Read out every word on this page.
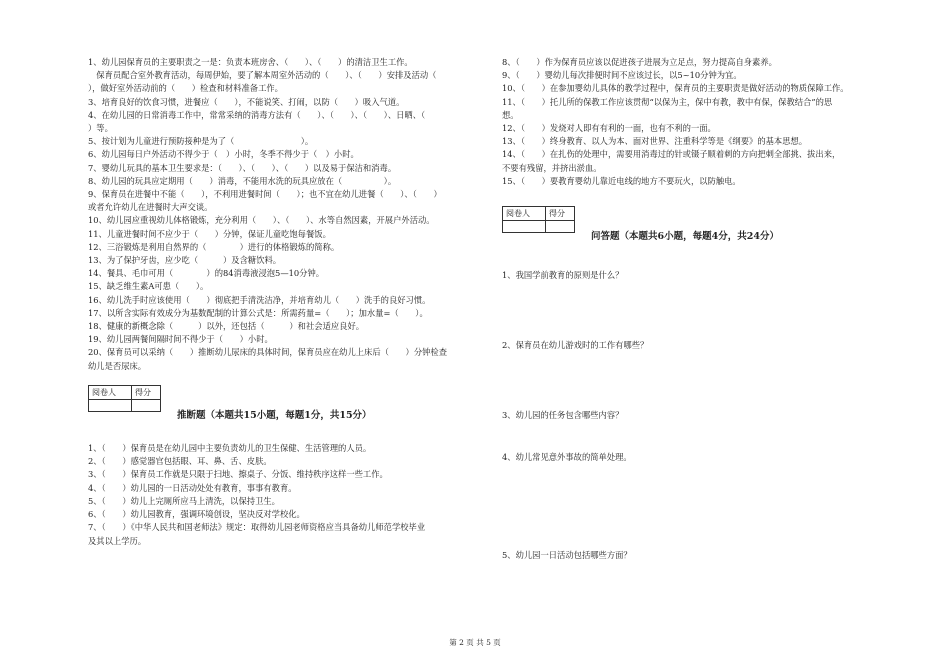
1、幼儿园保育员的主要职责之一是：负责本班房舍、（　　）、（　　）的清洁卫生工作。
　保育员配合室外教育活动，每周伊始，要了解本周室外活动的（　　）、（　　）安排及活动（
），做好室外活动前的（　　）检查和材料准备工作。
3、培育良好的饮食习惯，进餐应（　　），不能说笑、打闹，以防（　　）吸入气道。
4、在幼儿园的日常消毒工作中，常常采纳的消毒方法有（　　）、（　　）、（　　）、日晒、（　　
）等。
5、按计划为儿童进行预防接种是为了（　　　　　　　　）。
6、幼儿园每日户外活动不得少于（　）小时，冬季不得少于（　）小时。
7、婴幼儿玩具的基本卫生要求是：（　　）、（　　）、（　　）以及易于保洁和消毒。
8、幼儿园的玩具应定期用（　　）消毒，不能用水洗的玩具应放在（　　　　　）。
9、保育员在进餐中不能（　　），不利用进餐时间（　　）；也不宜在幼儿进餐（　　）、（　　）
或者允许幼儿在进餐时大声交谈。
10、幼儿园应重视幼儿体格锻炼，充分利用（　　）、（　　）、水等自然因素，开展户外活动。
11、儿童进餐时间不应少于（　　）分钟，保证儿童吃饱每餐饭。
12、三浴锻炼是利用自然界的（　　　　）进行的体格锻炼的简称。
13、为了保护牙齿，应少吃（　　　）及含糖饮料。
14、餐具、毛巾可用（　　　　）的84消毒液浸泡5—10分钟。
15、缺乏维生素A可患（　　）。
16、幼儿洗手时应该使用（　　）彻底把手清洗洁净，并培育幼儿（　　）洗手的良好习惯。
17、以所含实际有效成分为基数配制的计算公式是：所需药量=（　　）；加水量=（　　）。
18、健康的新概念除（　　　）以外，还包括（　　　）和社会适应良好。
19、幼儿园两餐间隔时间不得少于（　　）小时。
20、保育员可以采纳（　　）推断幼儿尿床的具体时间，保育员应在幼儿上床后（　　）分钟检查
幼儿是否尿床。
阅卷人	得分

推断题（本题共15小题，每题1分，共15分）
1、（　　）保育员是在幼儿园中主要负责幼儿的卫生保健、生活管理的人员。
2、（　　）感觉器官包括眼、耳、鼻、舌、皮肤。
3、（　　）保育员工作就是只限于扫地、擦桌子、分饭、维持秩序这样一些工作。
4、（　　）幼儿园的一日活动处处有教育，事事有教育。
5、（　　）幼儿上完厕所应马上清洗，以保持卫生。
6、（　　）幼儿园教育，强调环境创设，坚决反对学校化。
7、（　　）《中华人民共和国老师法》规定：取得幼儿园老师资格应当具备幼儿师范学校毕业
及其以上学历。
8、（　　）作为保育员应该以促进孩子进展为立足点，努力提高自身素养。
9、（　　）婴幼儿每次排便时间不应该过长，以5~10分钟为宜。
10、（　　）在参加婴幼儿具体的教学过程中，保育员的主要职责是做好活动的物质保障工作。
11、（　　）托儿所的保教工作应该贯彻“以保为主，保中有教，教中有保，保教结合”的思
想。
12、（　　）发烧对人即有有利的一面，也有不利的一面。
13、（　　）终身教育、以人为本、面对世界、注重科学等是《纲要》的基本思想。
14、（　　）在扎伤的处理中，需要用消毒过的针或镊子顺着刺的方向把刺全部挑、拔出来，
不要有残留，并挤出淤血。
15、（　　）要教育婴幼儿靠近电线的地方不要玩火，以防触电。
阅卷人	得分

问答题（本题共6小题，每题4分，共24分）
1、我国学前教育的原则是什么？
2、保育员在幼儿游戏时的工作有哪些？
3、幼儿园的任务包含哪些内容？
4、幼儿常见意外事故的简单处理。
5、幼儿园一日活动包括哪些方面？
第 2 页 共 5 页
